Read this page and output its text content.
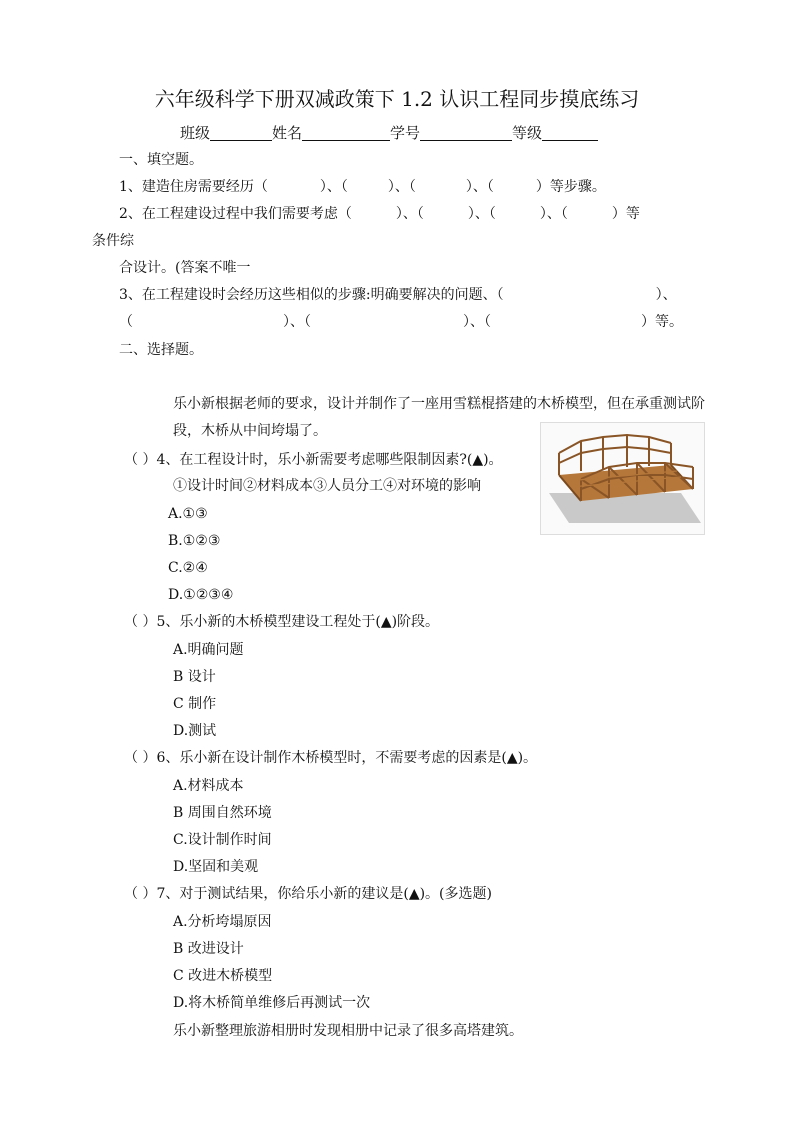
六年级科学下册双减政策下 1.2 认识工程同步摸底练习
班级	姓名	学号	等级
一、填空题。
1、建造住房需要经历（	）、（	）、（	）、（	）等步骤。
2、在工程建设过程中我们需要考虑（	）、（	）、（	）、（	）等
条件综
合设计。(答案不唯一
3、在工程建设时会经历这些相似的步骤:明确要解决的问题、（	）、
（	）、（	）、（	）等。
二、选择题。
乐小新根据老师的要求，设计并制作了一座用雪糕棍搭建的木桥模型，但在承重测试阶
段，木桥从中间垮塌了。
（ ）4、在工程设计时，乐小新需要考虑哪些限制因素?(▲)。
①设计时间②材料成本③人员分工④对环境的影响
A.①③
B.①②③
C.②④
D.①②③④
（ ）5、乐小新的木桥模型建设工程处于(▲)阶段。
A.明确问题
B 设计
C 制作
D.测试
（ ）6、乐小新在设计制作木桥模型时，不需要考虑的因素是(▲)。
A.材料成本
B 周围自然环境
C.设计制作时间
D.坚固和美观
（ ）7、对于测试结果，你给乐小新的建议是(▲)。(多选题)
A.分析垮塌原因
B 改进设计
C 改进木桥模型
D.将木桥简单维修后再测试一次
乐小新整理旅游相册时发现相册中记录了很多高塔建筑。
